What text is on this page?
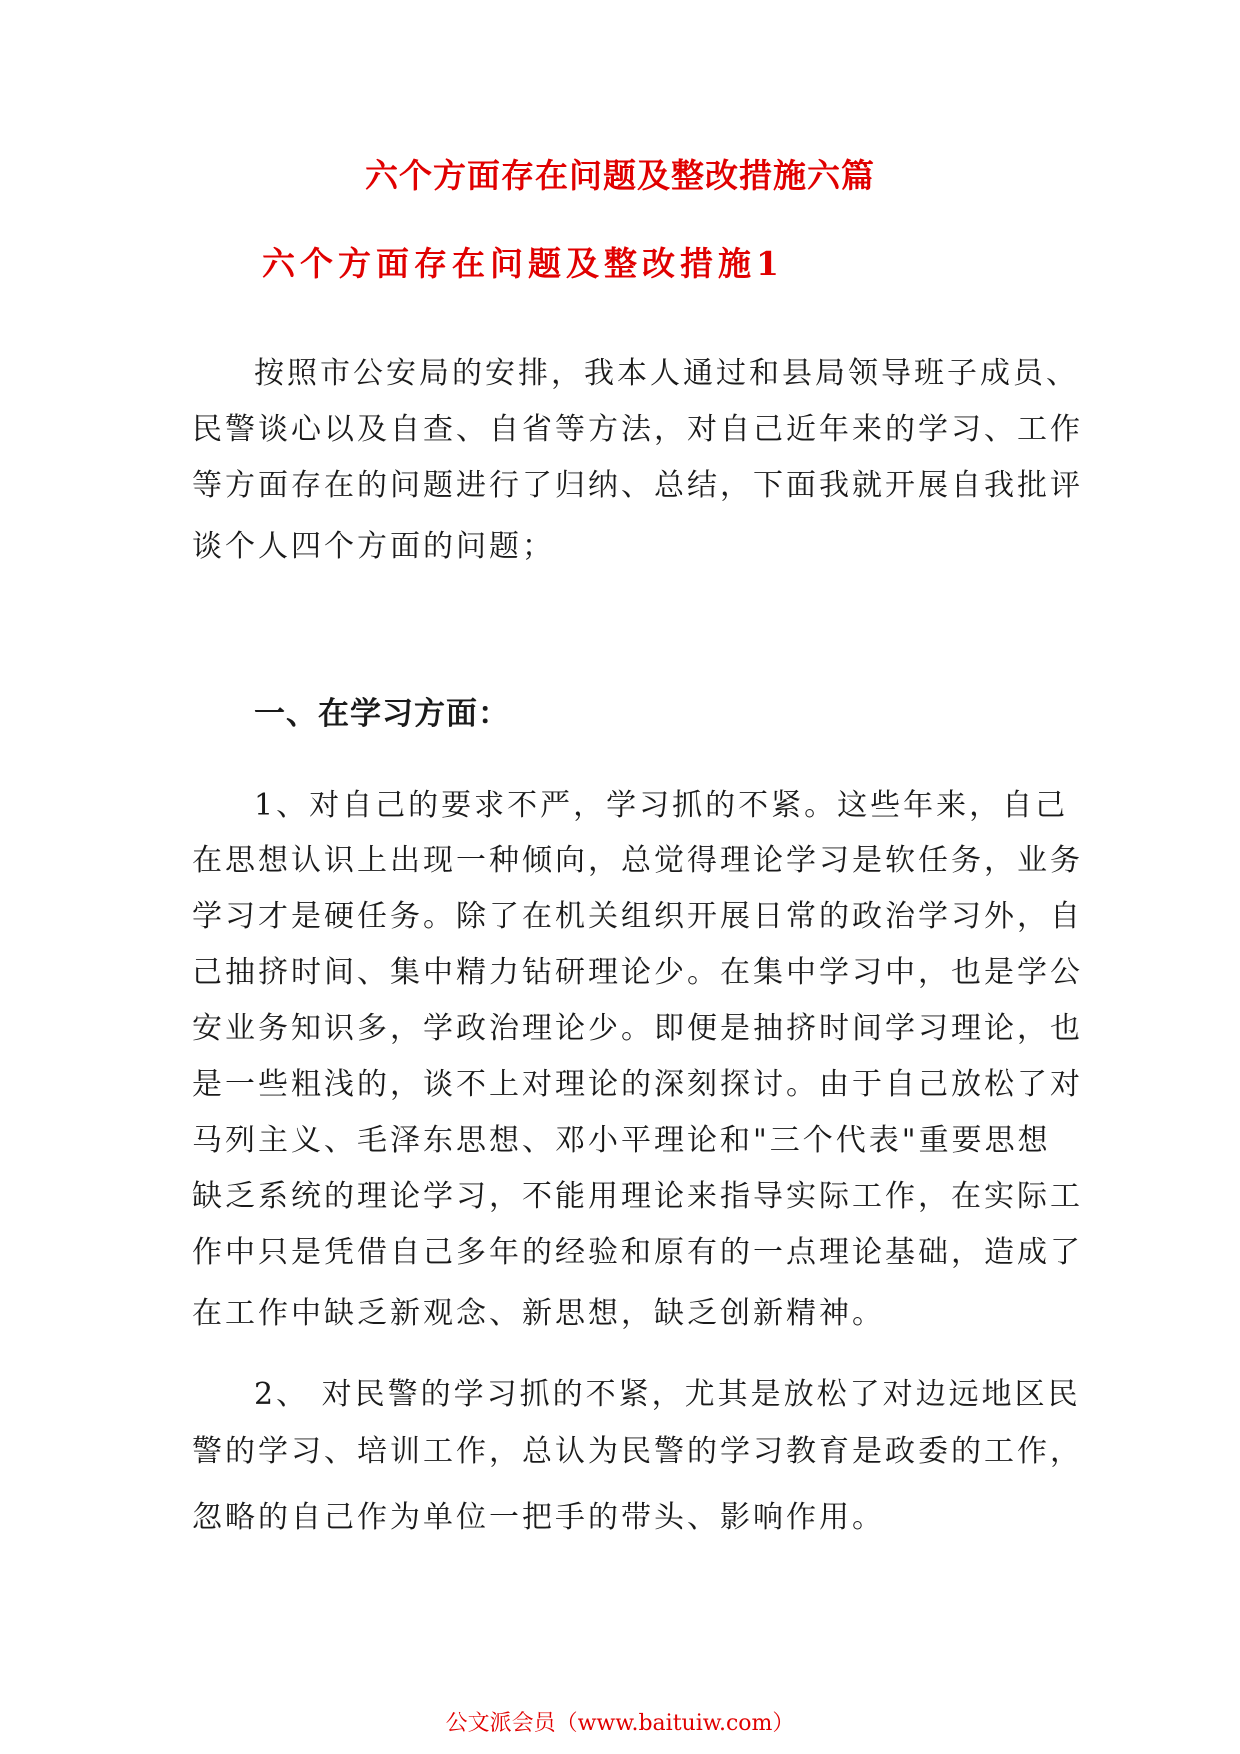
六个方面存在问题及整改措施六篇
六个方面存在问题及整改措施1
按照市公安局的安排，我本人通过和县局领导班子成员、
民警谈心以及自查、自省等方法，对自己近年来的学习、工作
等方面存在的问题进行了归纳、总结，下面我就开展自我批评
谈个人四个方面的问题；
一、在学习方面：
1、对自己的要求不严，学习抓的不紧。这些年来，自己
在思想认识上出现一种倾向，总觉得理论学习是软任务，业务
学习才是硬任务。除了在机关组织开展日常的政治学习外，自
己抽挤时间、集中精力钻研理论少。在集中学习中，也是学公
安业务知识多，学政治理论少。即便是抽挤时间学习理论，也
是一些粗浅的，谈不上对理论的深刻探讨。由于自己放松了对
马列主义、毛泽东思想、邓小平理论和"三个代表"重要思想
缺乏系统的理论学习，不能用理论来指导实际工作，在实际工
作中只是凭借自己多年的经验和原有的一点理论基础，造成了
在工作中缺乏新观念、新思想，缺乏创新精神。
2、 对民警的学习抓的不紧，尤其是放松了对边远地区民
警的学习、培训工作，总认为民警的学习教育是政委的工作，
忽略的自己作为单位一把手的带头、影响作用。

公文派会员（www.baituiw.com）
